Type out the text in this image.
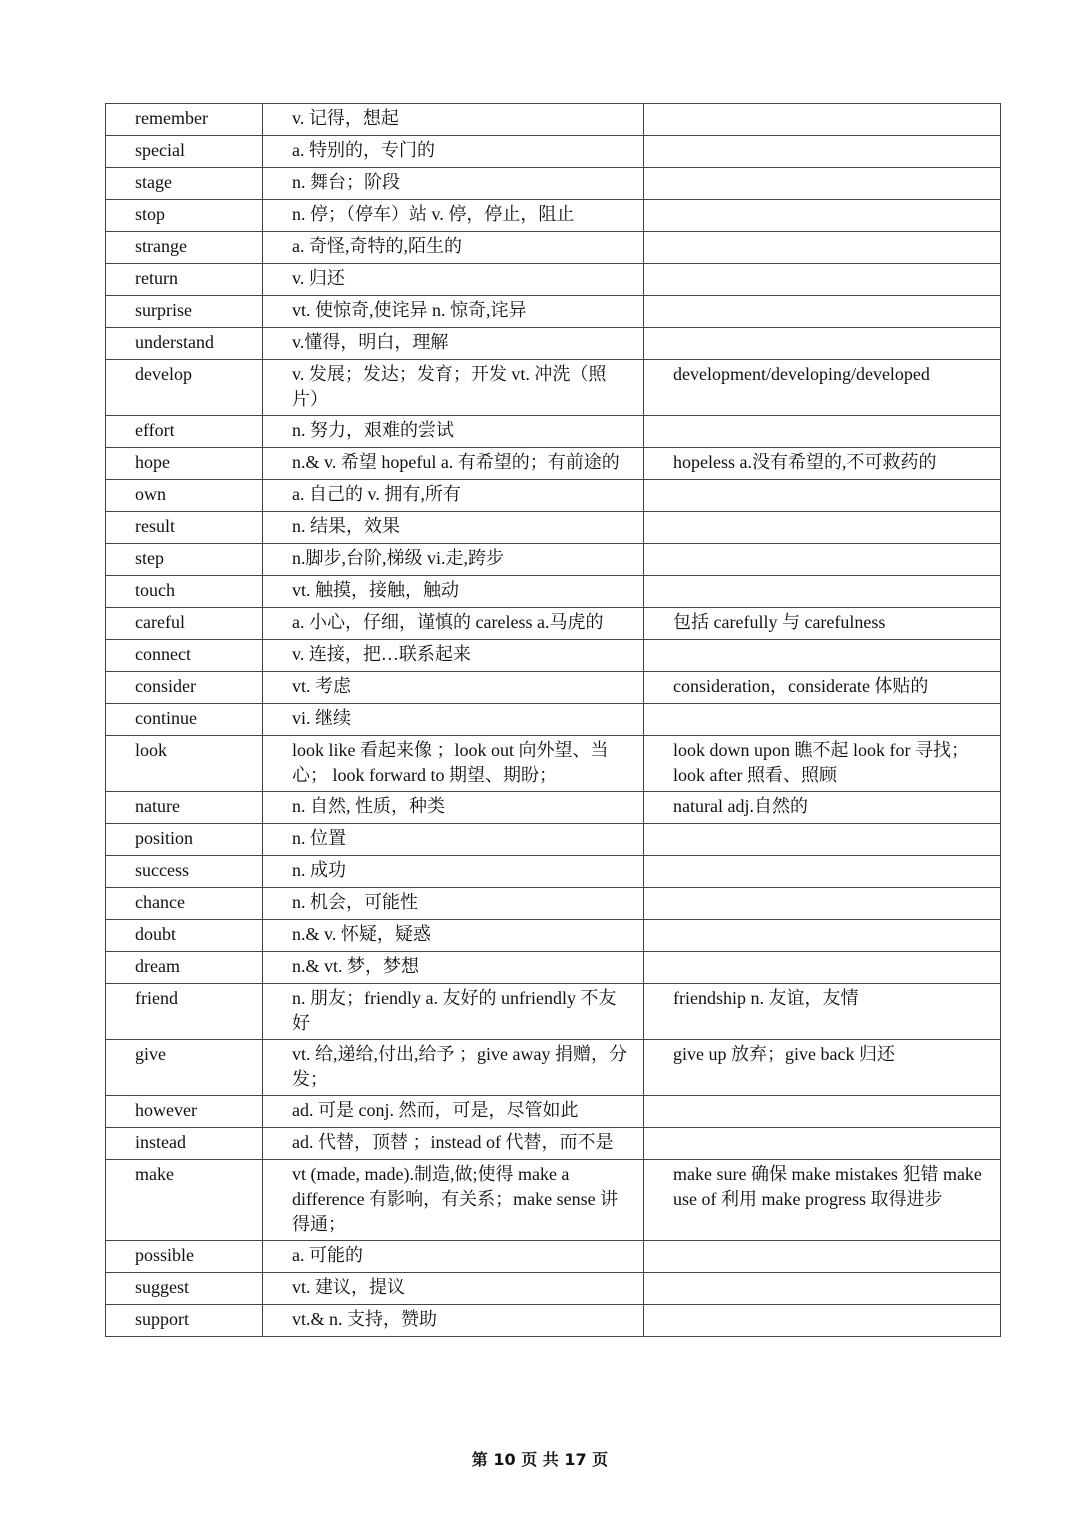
remember	v. 记得，想起	
special	a. 特别的，专门的	
stage	n. 舞台；阶段	
stop	n. 停；（停车）站 v. 停，停止，阻止	
strange	a. 奇怪,奇特的,陌生的	
return	v. 归还	
surprise	vt. 使惊奇,使诧异 n. 惊奇,诧异	
understand	v.懂得，明白，理解	
develop	v. 发展；发达；发育；开发 vt. 冲洗（照片）	development/developing/developed
effort	n. 努力，艰难的尝试	
hope	n.& v. 希望 hopeful a. 有希望的；有前途的	hopeless a.没有希望的,不可救药的
own	a. 自己的 v. 拥有,所有	
result	n. 结果，效果	
step	n.脚步,台阶,梯级 vi.走,跨步	
touch	vt. 触摸，接触，触动	
careful	a. 小心，仔细，谨慎的 careless a.马虎的	包括 carefully 与 carefulness
connect	v. 连接，把…联系起来	
consider	vt. 考虑	consideration，considerate 体贴的
continue	vi. 继续	
look	look like 看起来像 ；look out 向外望、当心； look forward to 期望、期盼；	look down upon 瞧不起 look for 寻找；
look after 照看、照顾

nature	n. 自然, 性质，种类	natural adj.自然的
position	n. 位置	
success	n. 成功	
chance	n. 机会，可能性	
doubt	n.& v. 怀疑，疑惑	
dream	n.& vt. 梦，梦想	
friend	n. 朋友；friendly a. 友好的 unfriendly 不友好	friendship n. 友谊，友情
give	vt. 给,递给,付出,给予 ；give away 捐赠，分发；	give up 放弃；give back 归还
however	ad. 可是 conj. 然而，可是，尽管如此	
instead	ad. 代替，顶替 ；instead of 代替，而不是	
make	vt (made, made).制造,做;使得 make a difference 有影响，有关系；make sense 讲得通；	make sure 确保 make mistakes 犯错 make use of 利用 make progress 取得进步
possible	a. 可能的	
suggest	vt. 建议，提议	
support	vt.& n. 支持，赞助	
第 10 页 共 17 页
